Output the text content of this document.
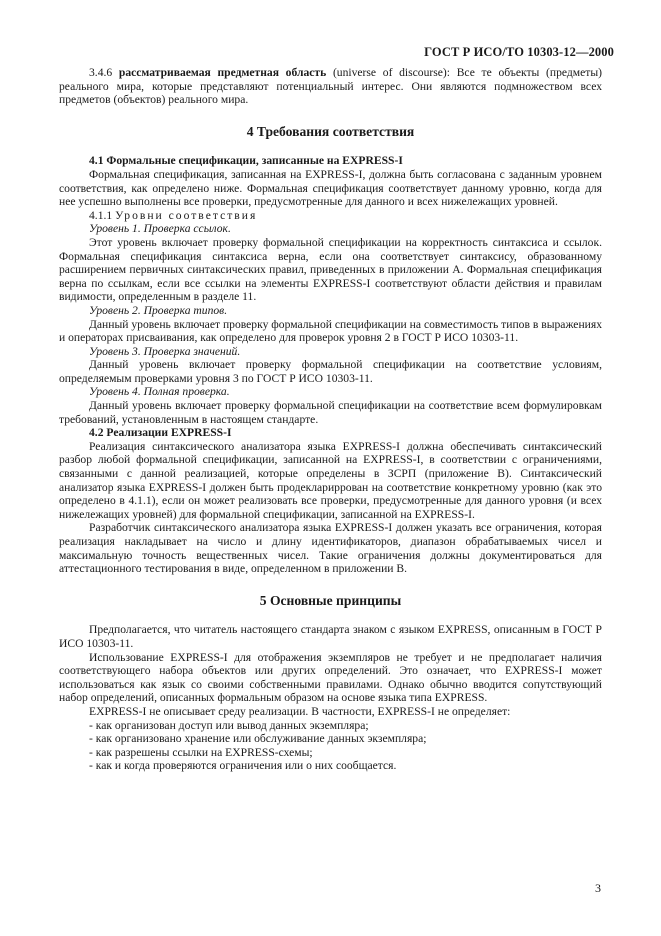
ГОСТ Р ИСО/ТО 10303-12—2000

3.4.6 рассматриваемая предметная область (universe of discourse): Все те объекты (предметы) реального мира, которые представляют потенциальный интерес. Они являются подмножеством всех предметов (объектов) реального мира.

4 Требования соответствия

4.1 Формальные спецификации, записанные на EXPRESS-I

Формальная спецификация, записанная на EXPRESS-I, должна быть согласована с заданным уровнем соответствия, как определено ниже. Формальная спецификация соответствует данному уровню, когда для нее успешно выполнены все проверки, предусмотренные для данного и всех нижележащих уровней.

4.1.1 Уровни соответствия

Уровень 1. Проверка ссылок.

Этот уровень включает проверку формальной спецификации на корректность синтаксиса и ссылок. Формальная спецификация синтаксиса верна, если она соответствует синтаксису, образованному расширением первичных синтаксических правил, приведенных в приложении А. Формальная спецификация верна по ссылкам, если все ссылки на элементы EXPRESS-I соответствуют области действия и правилам видимости, определенным в разделе 11.

Уровень 2. Проверка типов.

Данный уровень включает проверку формальной спецификации на совместимость типов в выражениях и операторах присваивания, как определено для проверок уровня 2 в ГОСТ Р ИСО 10303-11.

Уровень 3. Проверка значений.

Данный уровень включает проверку формальной спецификации на соответствие условиям, определяемым проверками уровня 3 по ГОСТ Р ИСО 10303-11.

Уровень 4. Полная проверка.

Данный уровень включает проверку формальной спецификации на соответствие всем формулировкам требований, установленным в настоящем стандарте.

4.2 Реализации EXPRESS-I

Реализация синтаксического анализатора языка EXPRESS-I должна обеспечивать синтаксический разбор любой формальной спецификации, записанной на EXPRESS-I, в соответствии с ограничениями, связанными с данной реализацией, которые определены в ЗСРП (приложение В). Синтаксический анализатор языка EXPRESS-I должен быть продеклариррован на соответствие конкретному уровню (как это определено в 4.1.1), если он может реализовать все проверки, предусмотренные для данного уровня (и всех нижележащих уровней) для формальной спецификации, записанной на EXPRESS-I.

Разработчик синтаксического анализатора языка EXPRESS-I должен указать все ограничения, которая реализация накладывает на число и длину идентификаторов, диапазон обрабатываемых чисел и максимальную точность вещественных чисел. Такие ограничения должны документироваться для аттестационного тестирования в виде, определенном в приложении В.

5 Основные принципы

Предполагается, что читатель настоящего стандарта знаком с языком EXPRESS, описанным в ГОСТ Р ИСО 10303-11.

Использование EXPRESS-I для отображения экземпляров не требует и не предполагает наличия соответствующего набора объектов или других определений. Это означает, что EXPRESS-I может использоваться как язык со своими собственными правилами. Однако обычно вводится сопутствующий набор определений, описанных формальным образом на основе языка типа EXPRESS.

EXPRESS-I не описывает среду реализации. В частности, EXPRESS-I не определяет:

- как организован доступ или вывод данных экземпляра;

- как организовано хранение или обслуживание данных экземпляра;

- как разрешены ссылки на EXPRESS-схемы;

- как и когда проверяются ограничения или о них сообщается.

3
